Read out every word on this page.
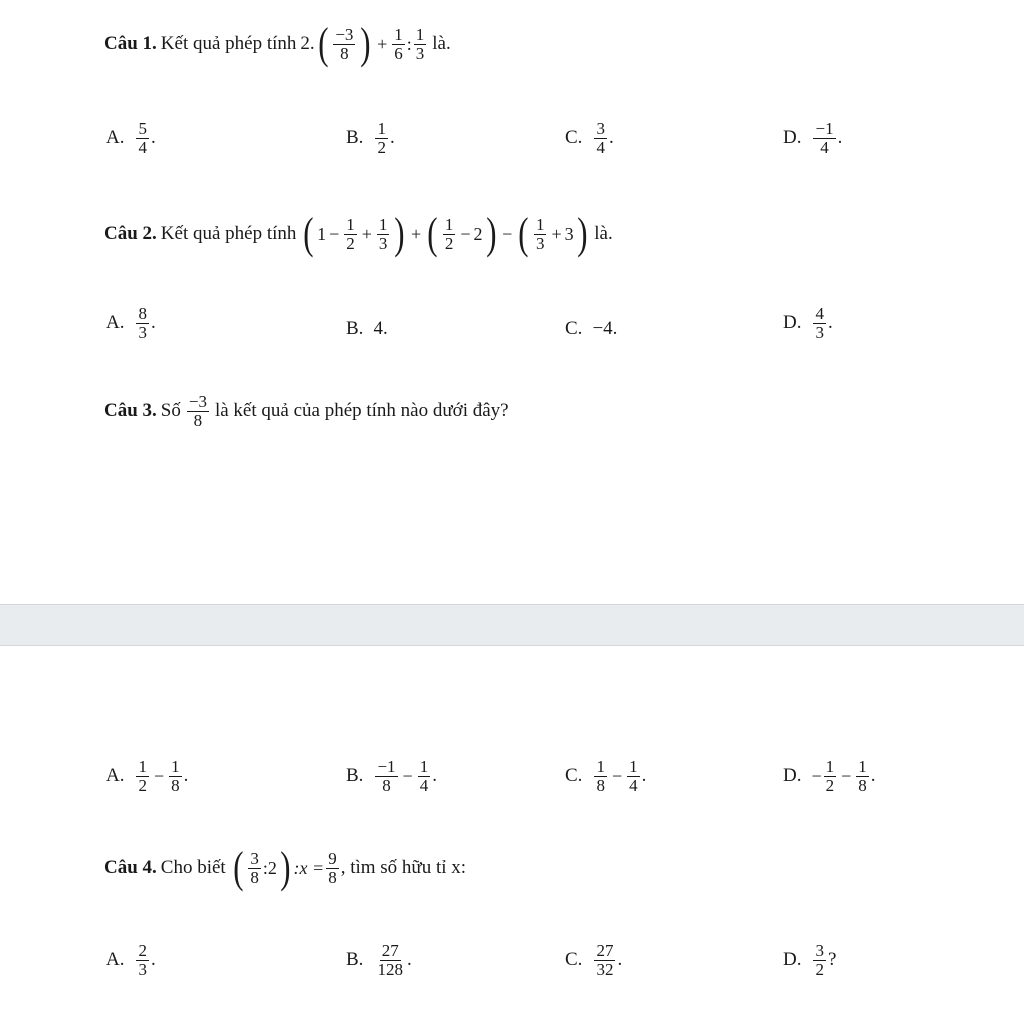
Câu 1. Kết quả phép tính 2. ( $\frac{-3}{8}$ ) + $\frac{1}{6}$ : $\frac{1}{3}$ là.
A. $\frac{5}{4}$ .	B. $\frac{1}{2}$ .	C. $\frac{3}{4}$ .	D. $\frac{-1}{4}$ .
Câu 2. Kết quả phép tính ( $1 - \frac{1}{2} + \frac{1}{3}$ ) + ( $\frac{1}{2} - 2$ ) − ( $\frac{1}{3} + 3$ ) là.
A. $\frac{8}{3}$ .	B. 4.	C. −4.	D. $\frac{4}{3}$ .
Câu 3. Số $\frac{-3}{8}$ là kết quả của phép tính nào dưới đây?
A. $\frac{1}{2} - \frac{1}{8}$ .	B. $\frac{-1}{8} - \frac{1}{4}$ .	C. $\frac{1}{8} - \frac{1}{4}$ .	D. − $\frac{1}{2} - \frac{1}{8}$ .
Câu 4. Cho biết ( $\frac{3}{8}$ : 2 ) :x = $\frac{9}{8}$ , tìm số hữu tỉ x:
A. $\frac{2}{3}$ .	B. $\frac{27}{128}$ .	C. $\frac{27}{32}$ .	D. $\frac{3}{2}$ ?
